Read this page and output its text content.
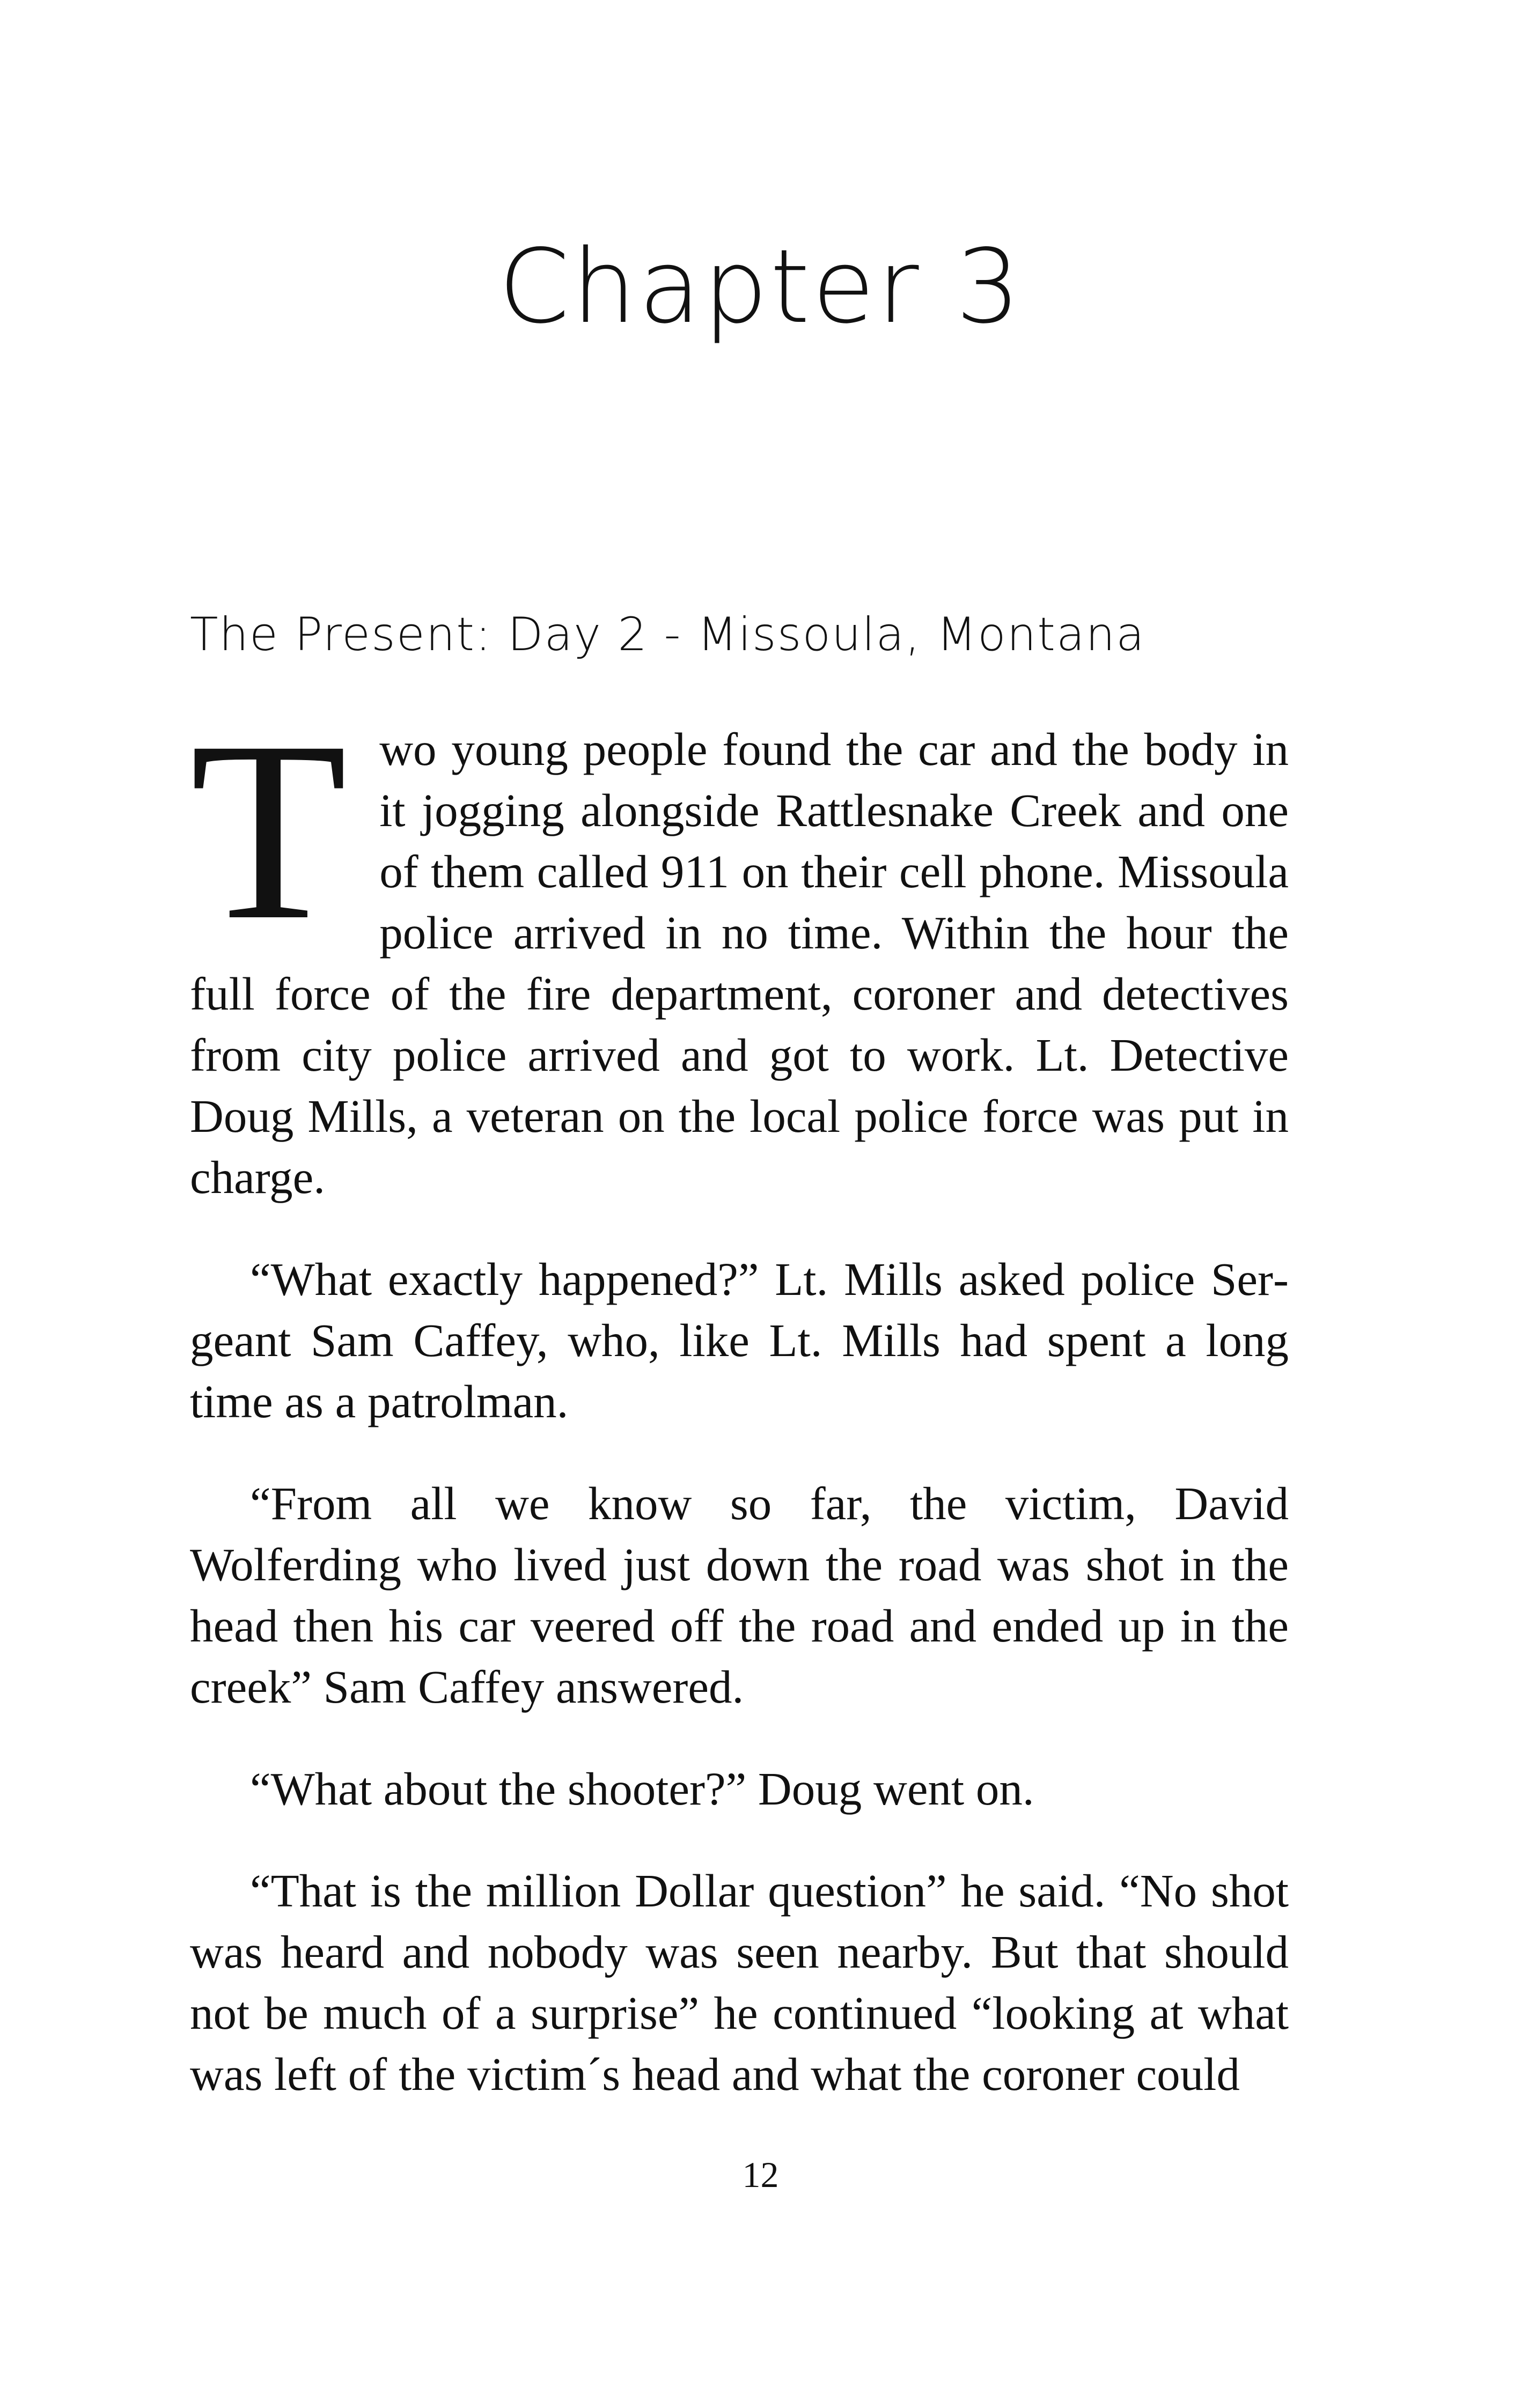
Chapter 3
The Present: Day 2 - Missoula, Montana

Two young people found the car and the body in it jogging alongside Rattlesnake Creek and one of them called 911 on their cell phone. Missoula police arrived in no time. Within the hour the full force of the fire department, coroner and detectives from city police arrived and got to work. Lt. Detective Doug Mills, a veteran on the local police force was put in charge.

“What exactly happened?” Lt. Mills asked police Sergeant Sam Caffey, who, like Lt. Mills had spent a long time as a patrolman.

“From all we know so far, the victim, David Wolferding who lived just down the road was shot in the head then his car veered off the road and ended up in the creek” Sam Caffey answered.

“What about the shooter?” Doug went on.

“That is the million Dollar question” he said. “No shot was heard and nobody was seen nearby. But that should not be much of a surprise” he continued “looking at what was left of the victim´s head and what the coroner could

12
